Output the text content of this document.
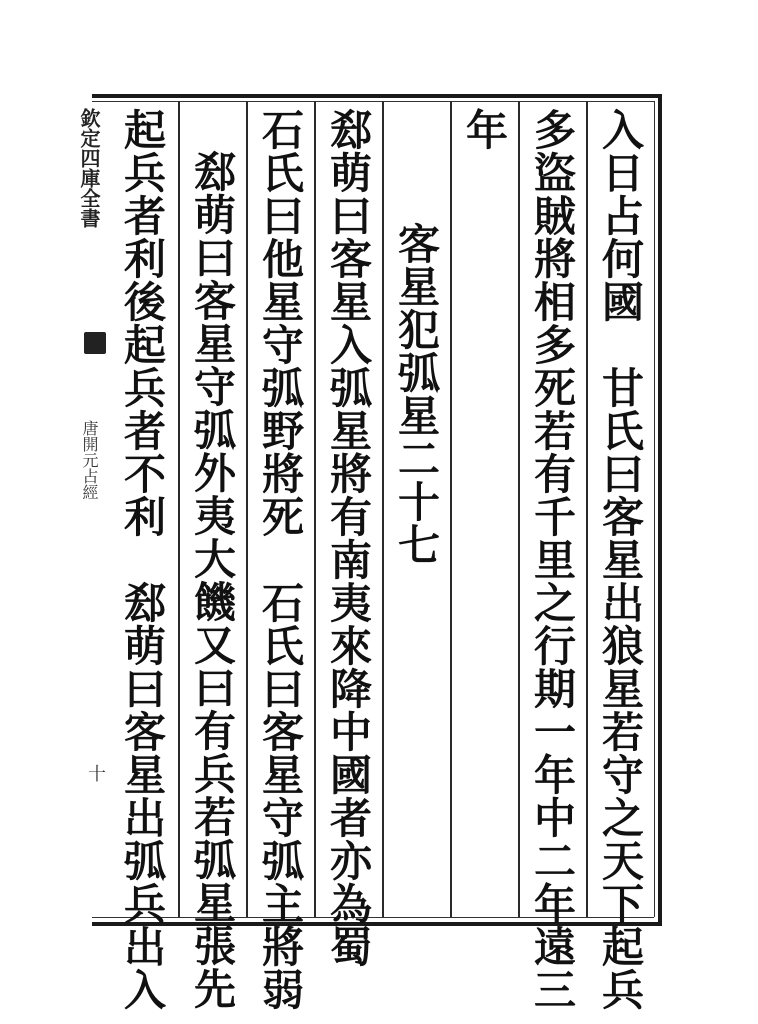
欽定四庫全書
唐開元占經
十	入日占何國　甘氏曰客星出狼星若守之天下起兵
多盜賊將相多死若有千里之行期一年中二年遠三
年
客星犯弧星二十七
郄萌曰客星入弧星將有南夷來降中國者亦為蜀
石氏曰他星守弧野將死　石氏曰客星守弧主將弱
郄萌曰客星守弧外夷大饑又曰有兵若弧星張先
起兵者利後起兵者不利　郄萌曰客星出弧兵出入
